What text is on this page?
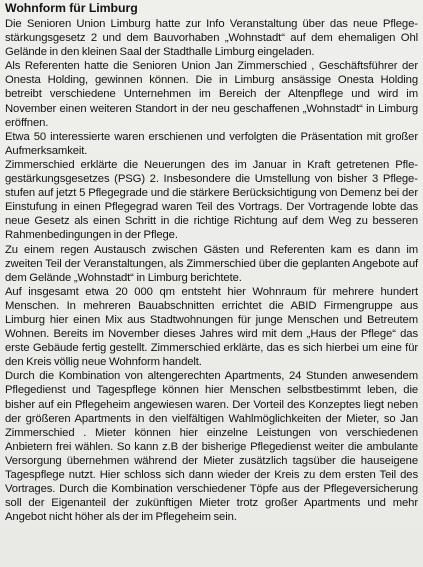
Wohnform für Limburg

Die Senioren Union Limburg hatte zur Info Veranstaltung über das neue Pflegestärkungsgesetz 2 und dem Bauvorhaben „Wohnstadt“ auf dem ehemaligen Ohl Gelände in den kleinen Saal der Stadthalle Limburg eingeladen.

Als Referenten hatte die Senioren Union Jan Zimmerschied , Geschäftsführer der Onesta Holding, gewinnen können. Die in Limburg ansässige Onesta Holding betreibt verschiedene Unternehmen im Bereich der Altenpflege und wird im November einen weiteren Standort in der neu geschaffenen „Wohnstadt“ in Limburg eröffnen.

Etwa 50 interessierte waren erschienen und verfolgten die Präsentation mit großer Aufmerksamkeit.

Zimmerschied erklärte die Neuerungen des im Januar in Kraft getretenen Pflegestärkungsgesetzes (PSG) 2. Insbesondere die Umstellung von bisher 3 Pflegestufen auf jetzt 5 Pflegegrade und die stärkere Berücksichtigung von Demenz bei der Einstufung in einen Pflegegrad waren Teil des Vortrags. Der Vortragende lobte das neue Gesetz als einen Schritt in die richtige Richtung auf dem Weg zu besseren Rahmenbedingungen in der Pflege.

Zu einem regen Austausch zwischen Gästen und Referenten kam es dann im zweiten Teil der Veranstaltungen, als Zimmerschied über die geplanten Angebote auf dem Gelände „Wohnstadt“ in Limburg berichtete.

Auf insgesamt etwa 20 000 qm entsteht hier Wohnraum für mehrere hundert Menschen. In mehreren Bauabschnitten errichtet die ABID Firmengruppe aus Limburg hier einen Mix aus Stadtwohnungen für junge Menschen und Betreutem Wohnen. Bereits im November dieses Jahres wird mit dem „Haus der Pflege“ das erste Gebäude fertig gestellt. Zimmerschied erklärte, das es sich hierbei um eine für den Kreis völlig neue Wohnform handelt.

Durch die Kombination von altengerechten Apartments, 24 Stunden anwesendem Pflegedienst und Tagespflege können hier Menschen selbstbestimmt leben, die bisher auf ein Pflegeheim angewiesen waren. Der Vorteil des Konzeptes liegt neben der größeren Apartments in den vielfältigen Wahlmöglichkeiten der Mieter, so Jan Zimmerschied . Mieter können hier einzelne Leistungen von verschiedenen Anbietern frei wählen. So kann z.B der bisherige Pflegedienst weiter die ambulante Versorgung übernehmen während der Mieter zusätzlich tagsüber die hauseigene Tagespflege nutzt. Hier schloss sich dann wieder der Kreis zu dem ersten Teil des Vortrages. Durch die Kombination verschiedener Töpfe aus der Pflegeversicherung soll der Eigenanteil der zukünftigen Mieter trotz großer Apartments und mehr Angebot nicht höher als der im Pflegeheim sein.
